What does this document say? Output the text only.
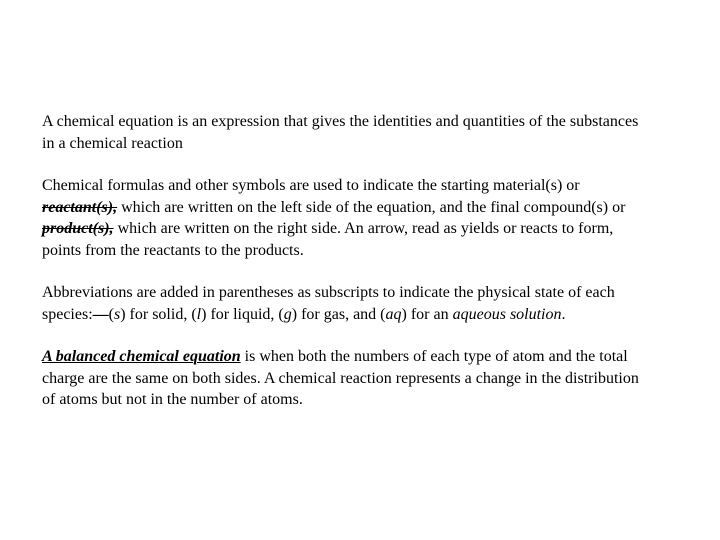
A chemical equation is an expression that gives the identities and quantities of the substances in a chemical reaction

Chemical formulas and other symbols are used to indicate the starting material(s) or reactant(s), which are written on the left side of the equation, and the final compound(s) or product(s), which are written on the right side. An arrow, read as yields or reacts to form, points from the reactants to the products.

Abbreviations are added in parentheses as subscripts to indicate the physical state of each species:—(s) for solid, (l) for liquid, (g) for gas, and (aq) for an aqueous solution.

A balanced chemical equation is when both the numbers of each type of atom and the total charge are the same on both sides. A chemical reaction represents a change in the distribution of atoms but not in the number of atoms.
